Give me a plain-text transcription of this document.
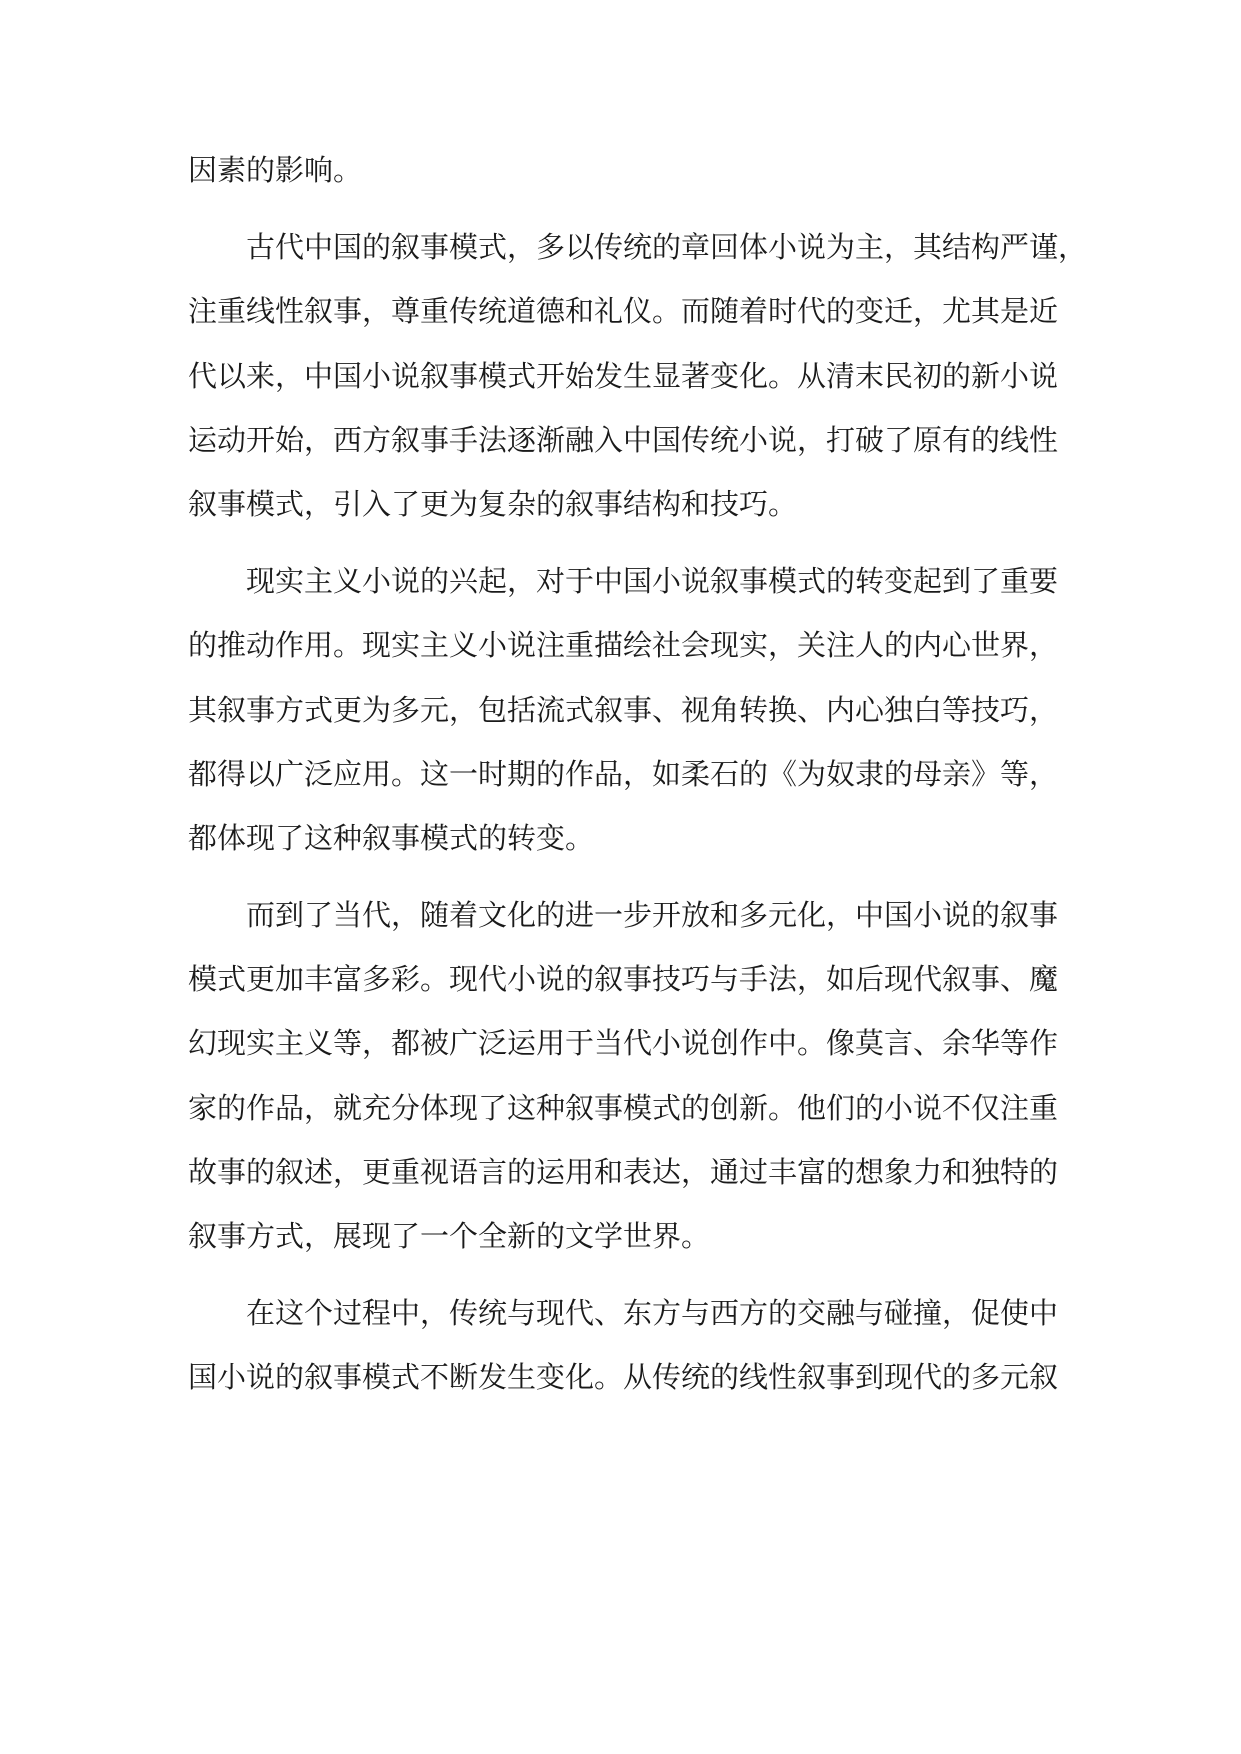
因素的影响。
古代中国的叙事模式，多以传统的章回体小说为主，其结构严谨，
注重线性叙事，尊重传统道德和礼仪。而随着时代的变迁，尤其是近
代以来，中国小说叙事模式开始发生显著变化。从清末民初的新小说
运动开始，西方叙事手法逐渐融入中国传统小说，打破了原有的线性
叙事模式，引入了更为复杂的叙事结构和技巧。
现实主义小说的兴起，对于中国小说叙事模式的转变起到了重要
的推动作用。现实主义小说注重描绘社会现实，关注人的内心世界，
其叙事方式更为多元，包括流式叙事、视角转换、内心独白等技巧，
都得以广泛应用。这一时期的作品，如柔石的《为奴隶的母亲》等，
都体现了这种叙事模式的转变。
而到了当代，随着文化的进一步开放和多元化，中国小说的叙事
模式更加丰富多彩。现代小说的叙事技巧与手法，如后现代叙事、魔
幻现实主义等，都被广泛运用于当代小说创作中。像莫言、余华等作
家的作品，就充分体现了这种叙事模式的创新。他们的小说不仅注重
故事的叙述，更重视语言的运用和表达，通过丰富的想象力和独特的
叙事方式，展现了一个全新的文学世界。
在这个过程中，传统与现代、东方与西方的交融与碰撞，促使中
国小说的叙事模式不断发生变化。从传统的线性叙事到现代的多元叙
